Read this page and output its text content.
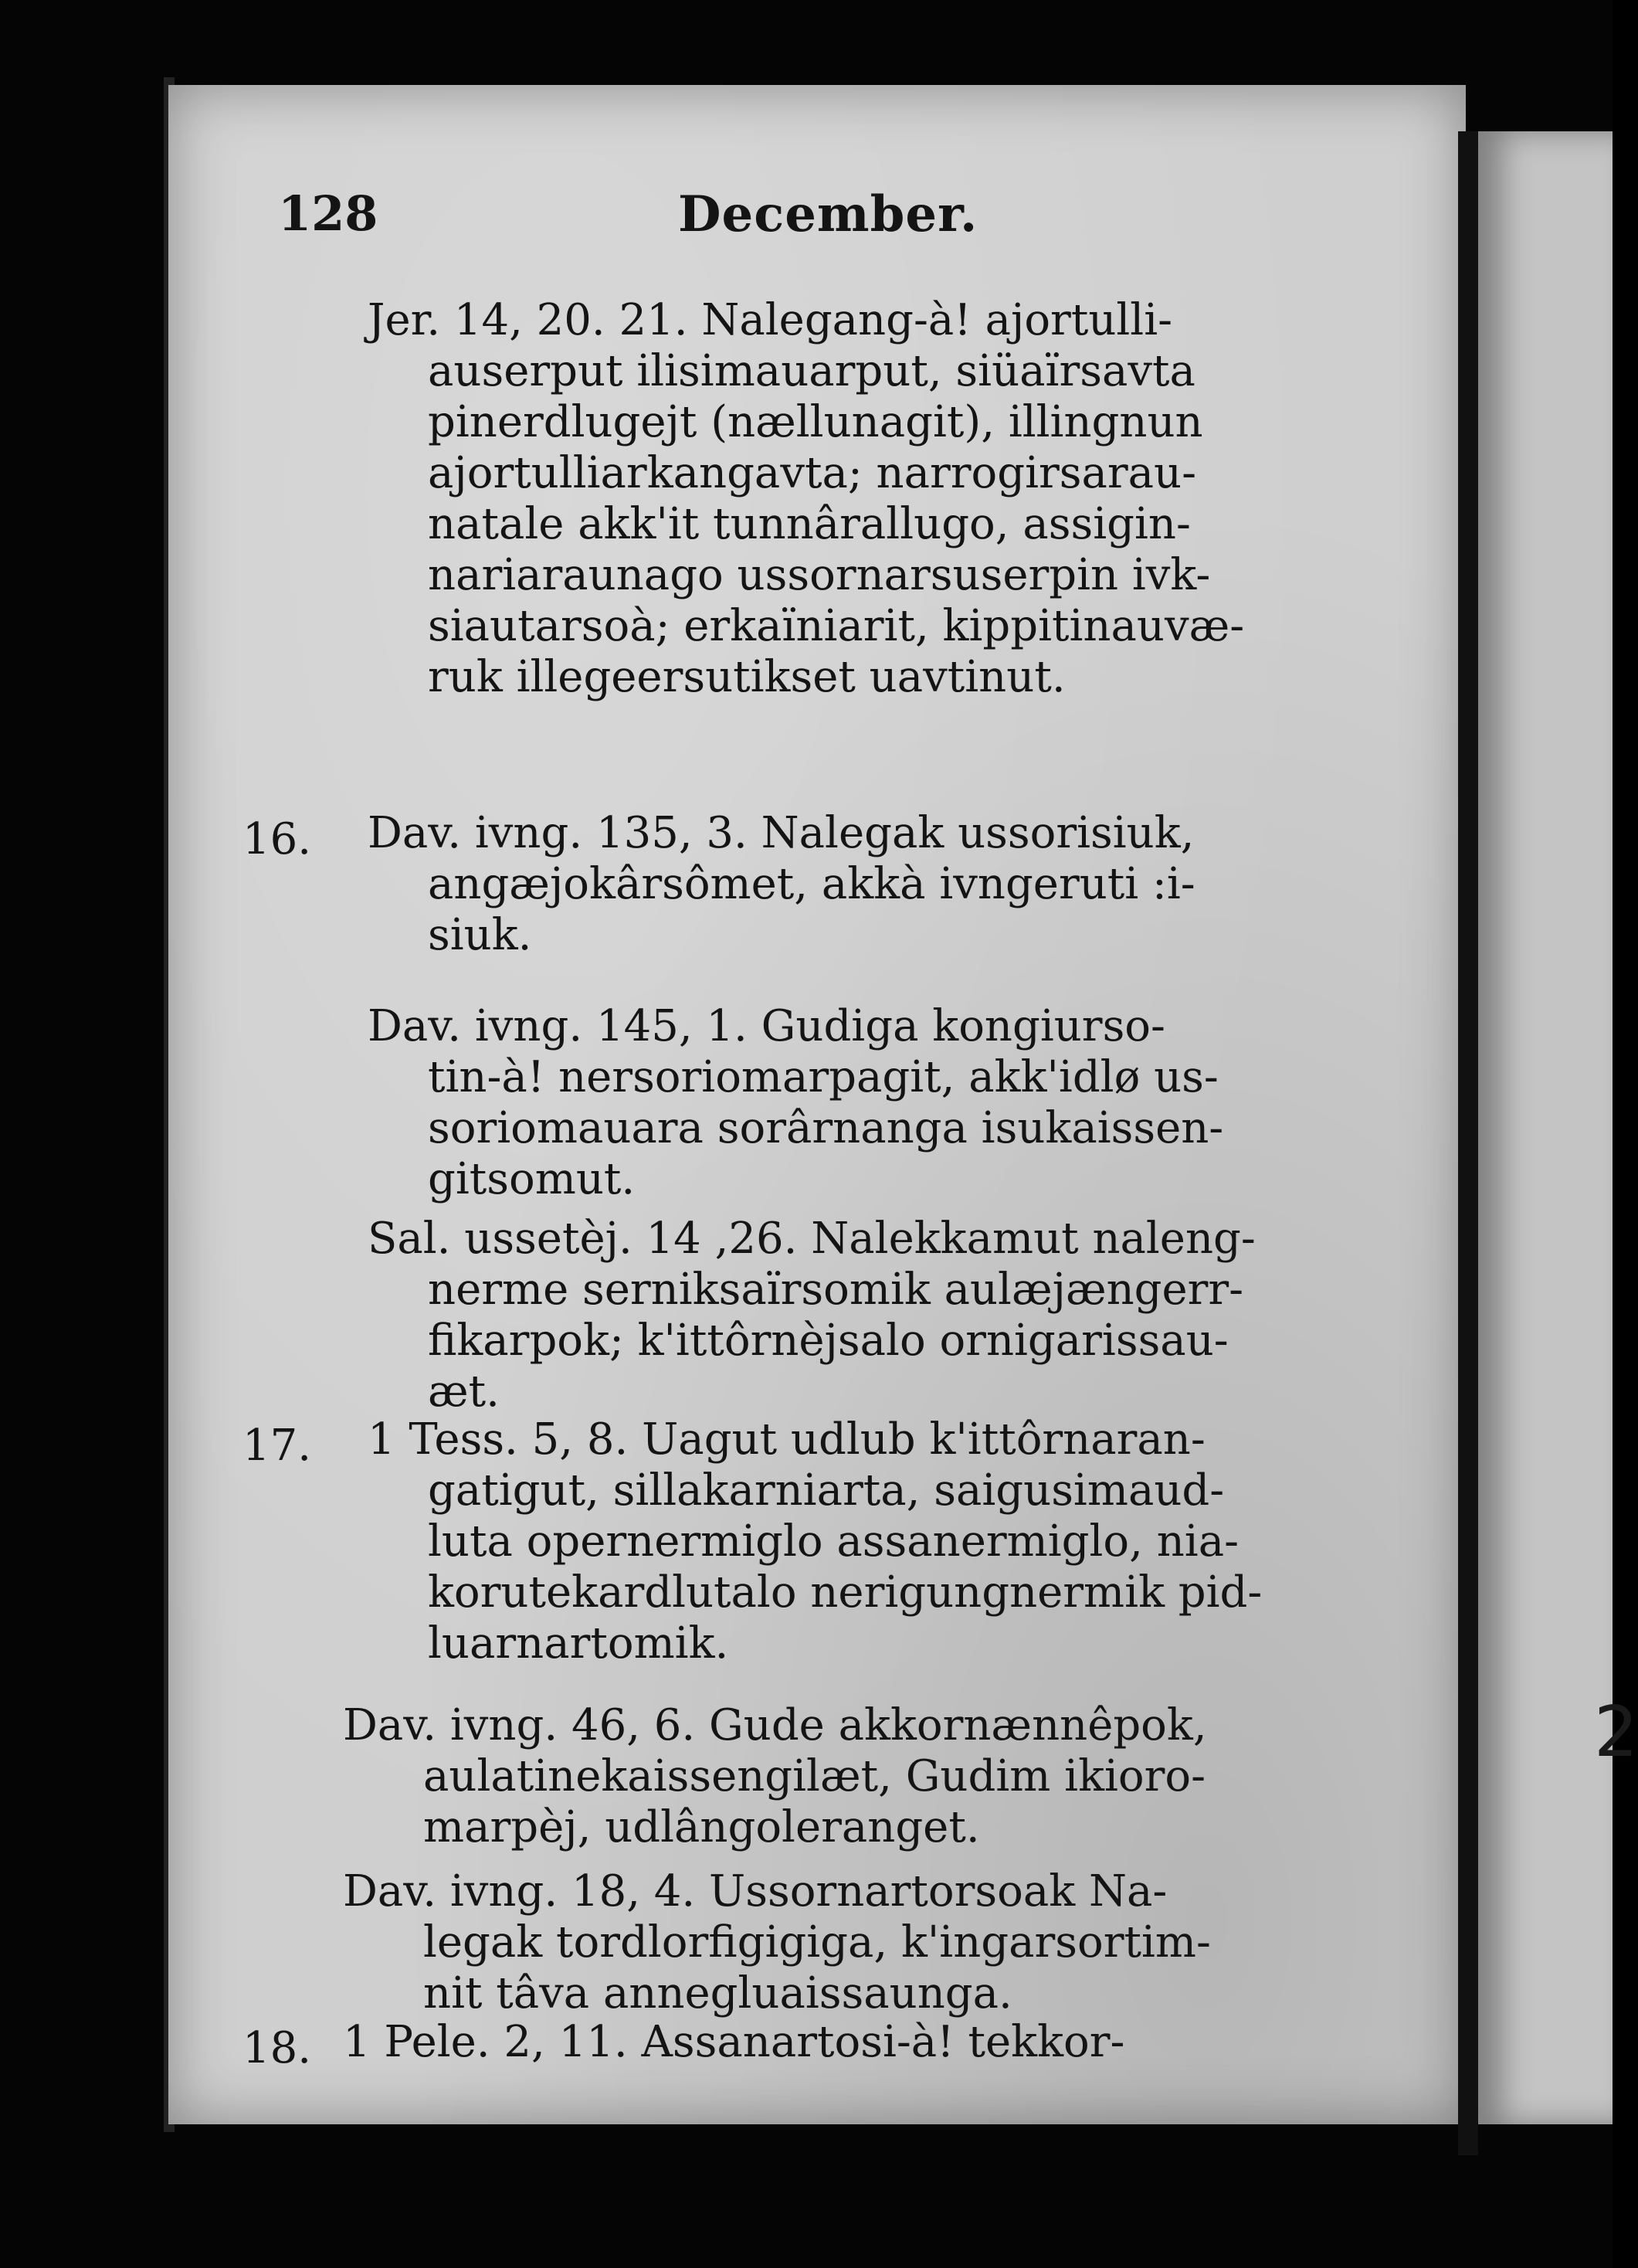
128	December.
Jer. 14, 20. 21. Nalegang-à! ajortulli-
auserput ilisimauarput, siüaïrsavta
pinerdlugejt (nællunagit), illingnun
ajortulliarkangavta; narrogirsarau-
natale akk'it tunnârallugo, assigin-
nariaraunago ussornarsuserpin ivk-
siautarsoà; erkaïniarit, kippitinauvæ-
ruk illegeersutikset uavtinut.
16. Dav. ivng. 135, 3. Nalegak ussorisiuk,
angæjokârsômet, akkà ivngeruti :i-
siuk.
Dav. ivng. 145, 1. Gudiga kongiurso-
tin-à! nersoriomarpagit, akk'idlø us-
soriomauara sorârnanga isukaissen-
gitsomut.
Sal. ussetèj. 14 ,26. Nalekkamut naleng-
nerme serniksaïrsomik aulæjængerr-
fikarpok; k'ittôrnèjsalo ornigarissau-
æt.
17. 1 Tess. 5, 8. Uagut udlub k'ittôrnaran-
gatigut, sillakarniarta, saigusimaud-
luta opernermiglo assanermiglo, nia-
korutekardlutalo nerigungnermik pid-
luarnartomik.
Dav. ivng. 46, 6. Gude akkornænnêpok,
aulatinekaissengilæt, Gudim ikioro-
marpèj, udlângoleranget.
Dav. ivng. 18, 4. Ussornartorsoak Na-
legak tordlorfigigiga, k'ingarsortim-
nit tâva annegluaissaunga.
18. 1 Pele. 2, 11. Assanartosi-à! tekkor-
2
